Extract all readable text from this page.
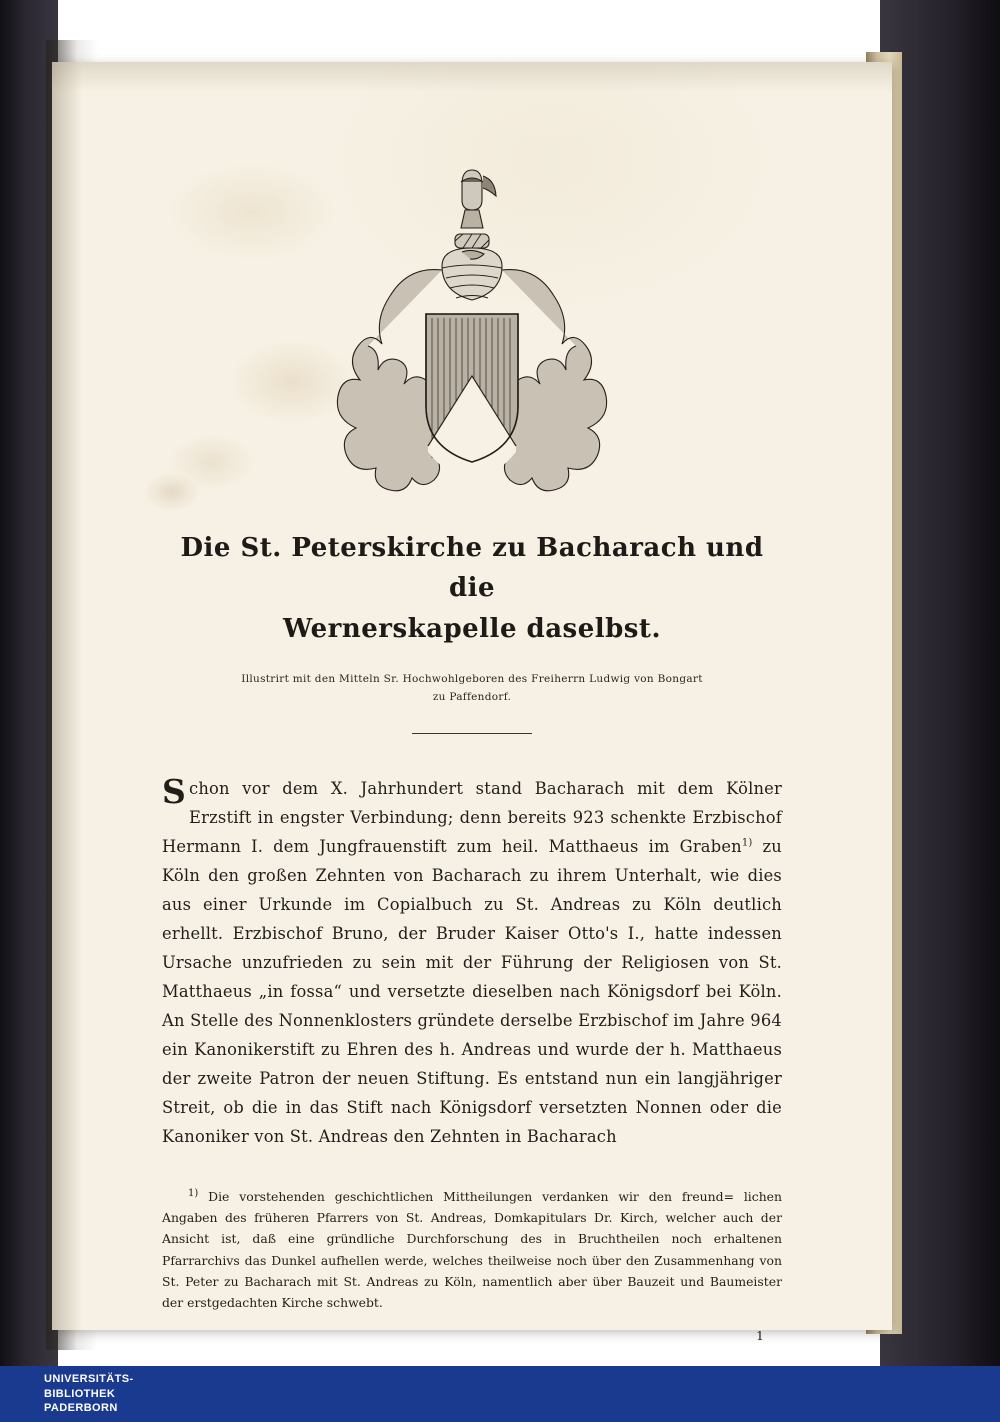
Die St. Peterskirche zu Bacharach und die
Wernerskapelle daselbst.
Illustrirt mit den Mitteln Sr. Hochwohlgeboren des Freiherrn Ludwig von Bongart
zu Paffendorf.
Schon vor dem X. Jahrhundert stand Bacharach mit dem Kölner Erzstift in engster Verbindung; denn bereits 923 schenkte Erzbischof Hermann I. dem Jungfrauenstift zum heil. Matthaeus im Graben$^{1)}$ zu Köln den großen Zehnten von Bacharach zu ihrem Unterhalt, wie dies aus einer Urkunde im Copialbuch zu St. Andreas zu Köln deutlich erhellt. Erzbischof Bruno, der Bruder Kaiser Otto's I., hatte indessen Ursache unzufrieden zu sein mit der Führung der Religiosen von St. Matthaeus „in fossa“ und versetzte dieselben nach Königsdorf bei Köln. An Stelle des Nonnenklosters gründete derselbe Erzbischof im Jahre 964 ein Kanonikerstift zu Ehren des h. Andreas und wurde der h. Matthaeus der zweite Patron der neuen Stiftung. Es entstand nun ein langjähriger Streit, ob die in das Stift nach Königsdorf versetzten Nonnen oder die Kanoniker von St. Andreas den Zehnten in Bacharach
$^{1)}$ Die vorstehenden geschichtlichen Mittheilungen verdanken wir den freund= lichen Angaben des früheren Pfarrers von St. Andreas, Domkapitulars Dr. Kirch, welcher auch der Ansicht ist, daß eine gründliche Durchforschung des in Bruchtheilen noch erhaltenen Pfarrarchivs das Dunkel aufhellen werde, welches theilweise noch über den Zusammenhang von St. Peter zu Bacharach mit St. Andreas zu Köln, namentlich aber über Bauzeit und Baumeister der erstgedachten Kirche schwebt.
1
UNIVERSITÄTS-
BIBLIOTHEK
PADERBORN
